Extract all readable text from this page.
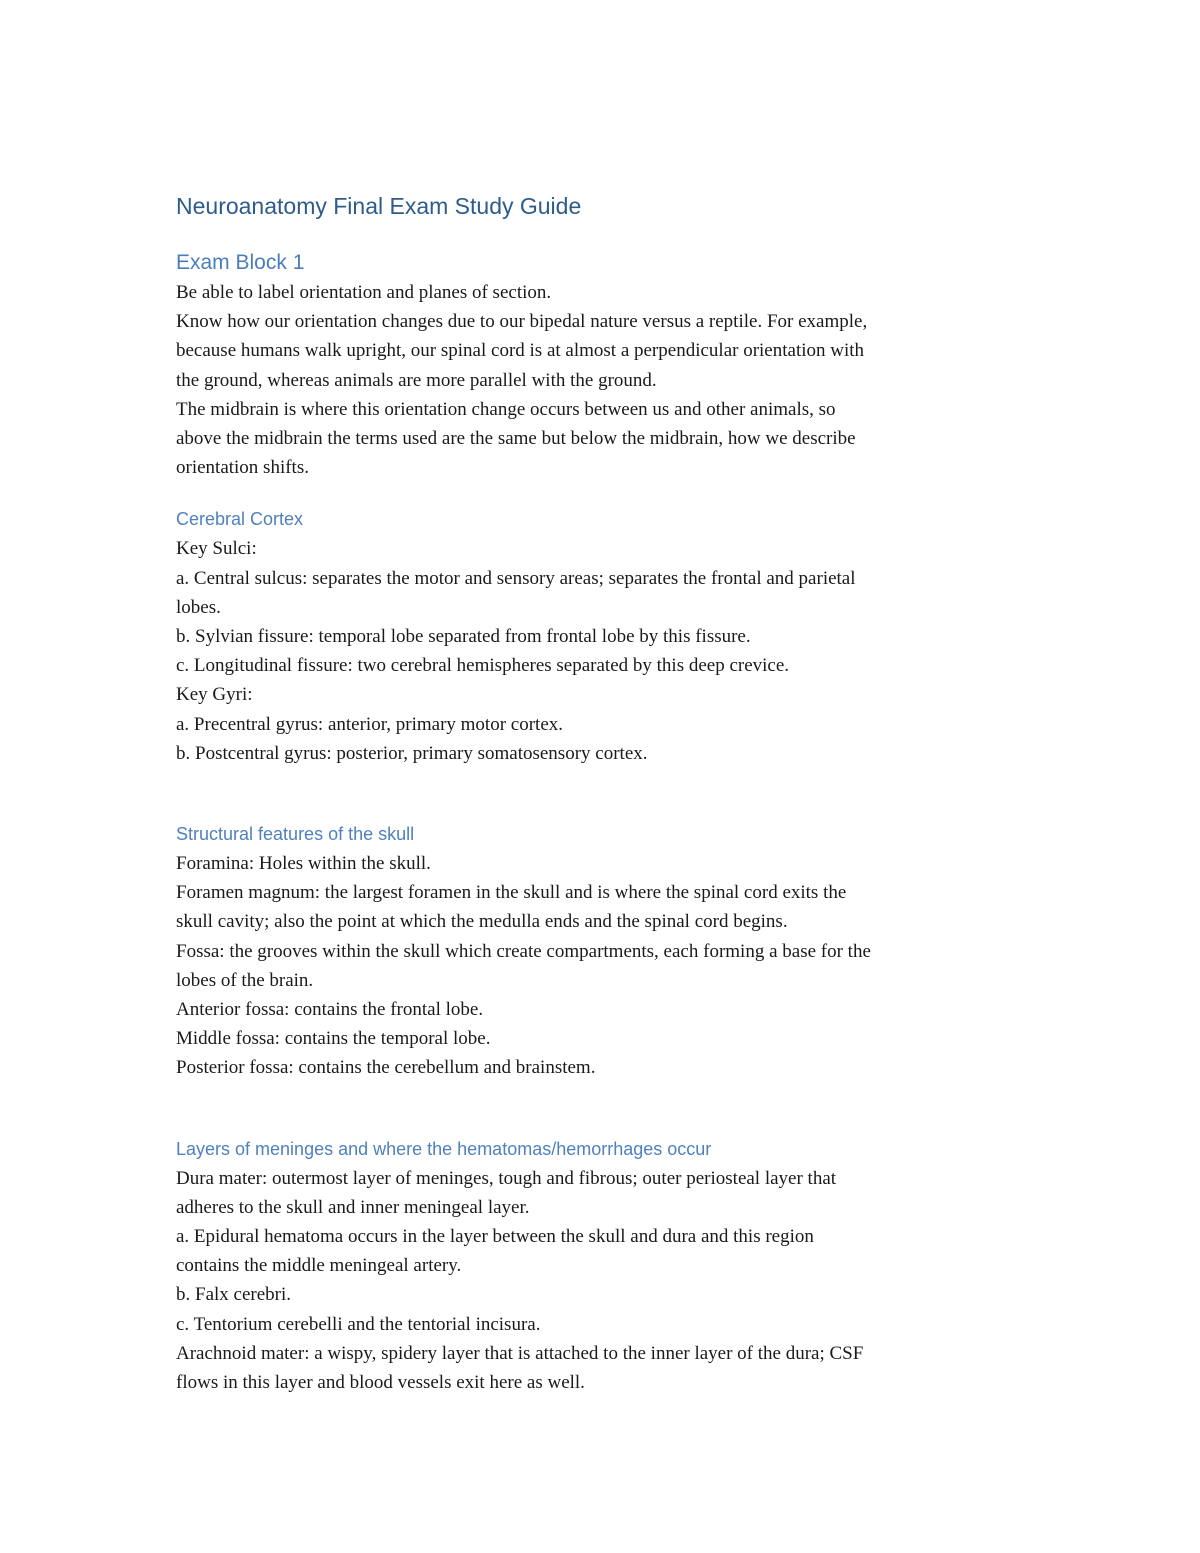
Neuroanatomy Final Exam Study Guide
Exam Block 1
Be able to label orientation and planes of section.
Know how our orientation changes due to our bipedal nature versus a reptile. For example,
because humans walk upright, our spinal cord is at almost a perpendicular orientation with
the ground, whereas animals are more parallel with the ground.
The midbrain is where this orientation change occurs between us and other animals, so
above the midbrain the terms used are the same but below the midbrain, how we describe
orientation shifts.
Cerebral Cortex
Key Sulci:
a. Central sulcus: separates the motor and sensory areas; separates the frontal and parietal
lobes.
b. Sylvian fissure: temporal lobe separated from frontal lobe by this fissure.
c. Longitudinal fissure: two cerebral hemispheres separated by this deep crevice.
Key Gyri:
a. Precentral gyrus: anterior, primary motor cortex.
b. Postcentral gyrus: posterior, primary somatosensory cortex.
Structural features of the skull
Foramina: Holes within the skull.
Foramen magnum: the largest foramen in the skull and is where the spinal cord exits the
skull cavity; also the point at which the medulla ends and the spinal cord begins.
Fossa: the grooves within the skull which create compartments, each forming a base for the
lobes of the brain.
Anterior fossa: contains the frontal lobe.
Middle fossa: contains the temporal lobe.
Posterior fossa: contains the cerebellum and brainstem.
Layers of meninges and where the hematomas/hemorrhages occur
Dura mater: outermost layer of meninges, tough and fibrous; outer periosteal layer that
adheres to the skull and inner meningeal layer.
a. Epidural hematoma occurs in the layer between the skull and dura and this region
contains the middle meningeal artery.
b. Falx cerebri.
c. Tentorium cerebelli and the tentorial incisura.
Arachnoid mater: a wispy, spidery layer that is attached to the inner layer of the dura; CSF
flows in this layer and blood vessels exit here as well.
